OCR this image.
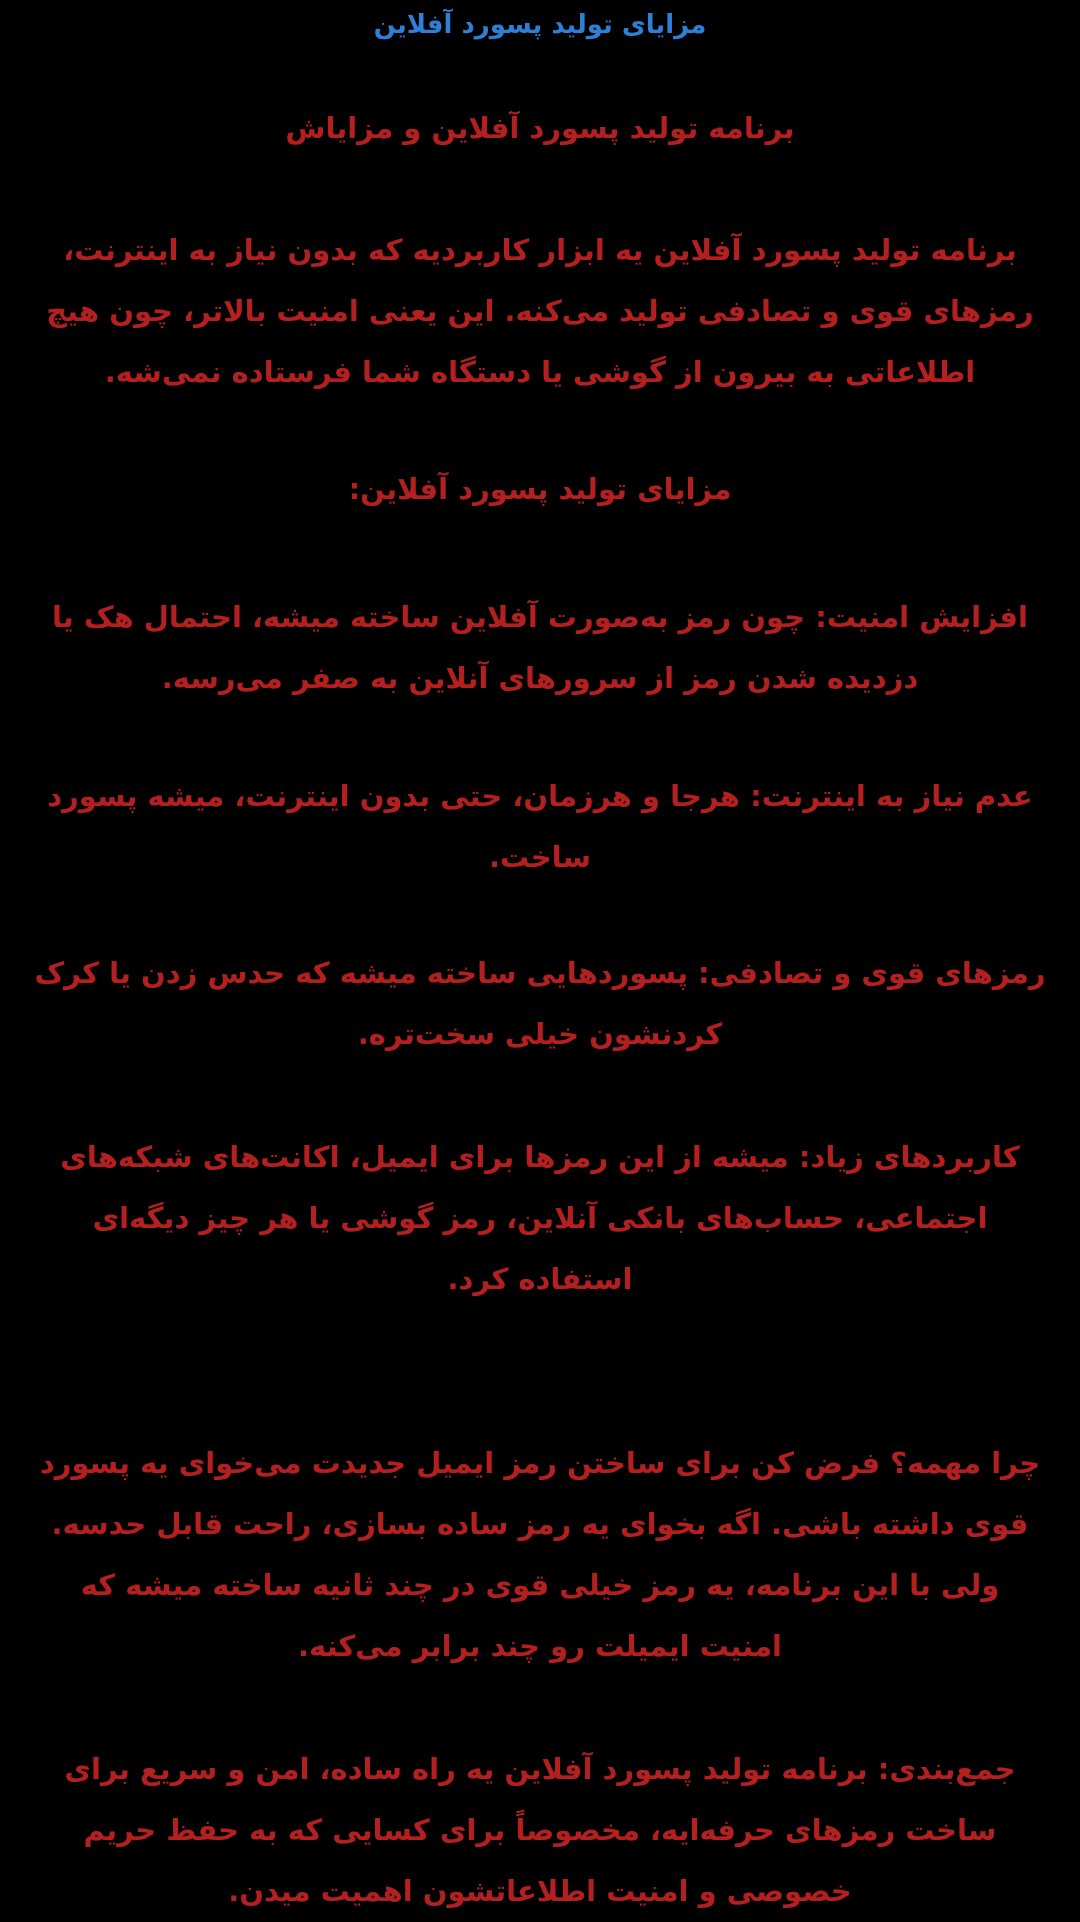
مزایای تولید پسورد آفلاین
برنامه تولید پسورد آفلاین و مزایاش
برنامه تولید پسورد آفلاین یه ابزار کاربردیه که بدون نیاز به اینترنت،
رمزهای قوی و تصادفی تولید می‌کنه. این یعنی امنیت بالاتر، چون هیچ
اطلاعاتی به بیرون از گوشی یا دستگاه شما فرستاده نمی‌شه.
مزایای تولید پسورد آفلاین:
افزایش امنیت: چون رمز به‌صورت آفلاین ساخته میشه، احتمال هک یا
دزدیده شدن رمز از سرورهای آنلاین به صفر می‌رسه.
عدم نیاز به اینترنت: هرجا و هرزمان، حتی بدون اینترنت، میشه پسورد
ساخت.
رمزهای قوی و تصادفی: پسوردهایی ساخته میشه که حدس زدن یا کرک
کردنشون خیلی سخت‌تره.
کاربردهای زیاد: میشه از این رمزها برای ایمیل، اکانت‌های شبکه‌های
اجتماعی، حساب‌های بانکی آنلاین، رمز گوشی یا هر چیز دیگه‌ای
استفاده کرد.
چرا مهمه؟ فرض کن برای ساختن رمز ایمیل جدیدت می‌خوای یه پسورد
قوی داشته باشی. اگه بخوای یه رمز ساده بسازی، راحت قابل حدسه.
ولی با این برنامه، یه رمز خیلی قوی در چند ثانیه ساخته میشه که
امنیت ایمیلت رو چند برابر می‌کنه.
جمع‌بندی: برنامه تولید پسورد آفلاین یه راه ساده، امن و سریع برای
ساخت رمزهای حرفه‌ایه، مخصوصاً برای کسایی که به حفظ حریم
خصوصی و امنیت اطلاعاتشون اهمیت میدن.
